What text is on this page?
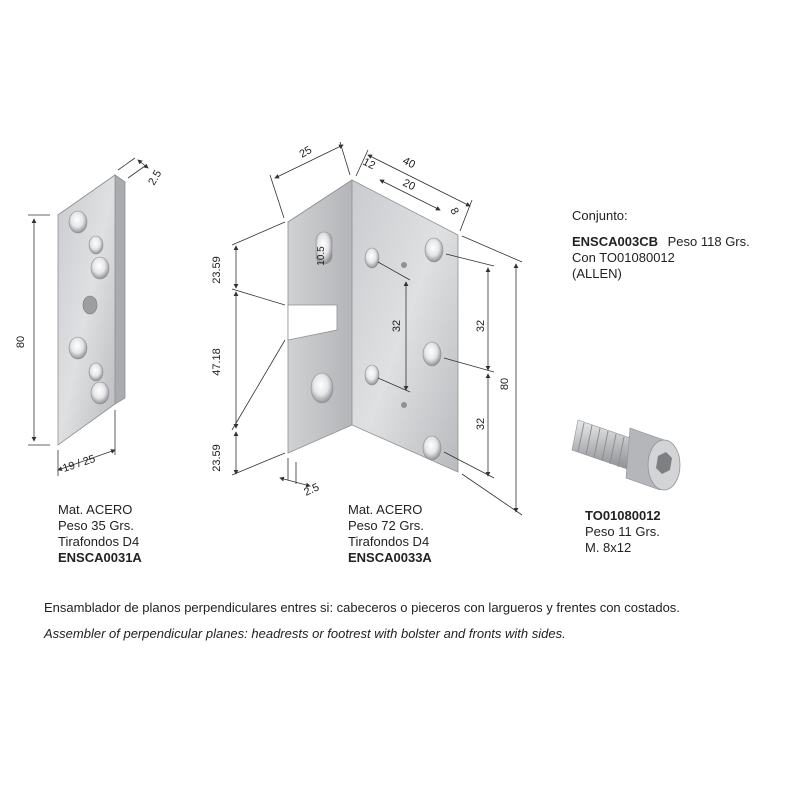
80
2.5
19 / 25
25
12 40
20
8
10.5
23.59
47.18
23.59
32	32
32
80
2.5
Mat. ACERO
Peso 35 Grs.
Tirafondos D4
ENSCA0031A
Mat. ACERO
Peso 72 Grs.
Tirafondos D4
ENSCA0033A
Conjunto:
ENSCA003CB Peso 118 Grs.
Con TO01080012
(ALLEN)
TO01080012
Peso 11 Grs.
M. 8x12
Ensamblador de planos perpendiculares entres si: cabeceros o pieceros con largueros y frentes con costados.
Assembler of perpendicular planes: headrests or footrest with bolster and fronts with sides.
